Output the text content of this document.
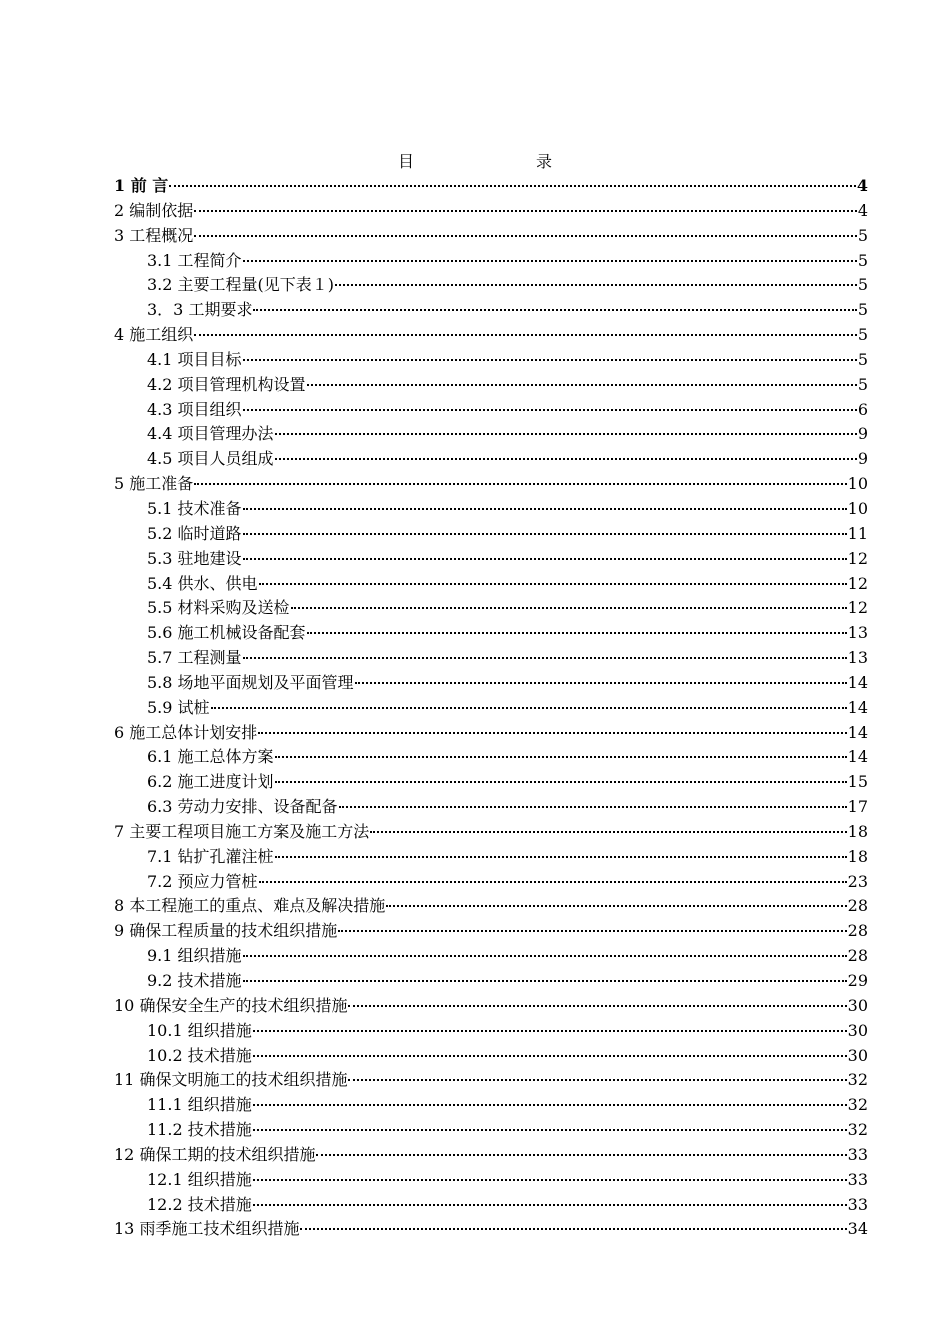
目　　录
1 前 言	4
2 编制依据	4
3 工程概况	5
3.1 工程简介	5
3.2 主要工程量(见下表１)	5
3．3 工期要求	5
4 施工组织	5
4.1 项目目标	5
4.2 项目管理机构设置	5
4.3 项目组织	6
4.4 项目管理办法	9
4.5 项目人员组成	9
5 施工准备	10
5.1 技术准备	10
5.2 临时道路	11
5.3 驻地建设	12
5.4 供水、供电	12
5.5 材料采购及送检	12
5.6 施工机械设备配套	13
5.7 工程测量	13
5.8 场地平面规划及平面管理	14
5.9 试桩	14
6 施工总体计划安排	14
6.1 施工总体方案	14
6.2 施工进度计划	15
6.3 劳动力安排、设备配备	17
7 主要工程项目施工方案及施工方法	18
7.1 钻扩孔灌注桩	18
7.2 预应力管桩	23
8 本工程施工的重点、难点及解决措施	28
9 确保工程质量的技术组织措施	28
9.1 组织措施	28
9.2 技术措施	29
10 确保安全生产的技术组织措施	30
10.1 组织措施	30
10.2 技术措施	30
11 确保文明施工的技术组织措施	32
11.1 组织措施	32
11.2 技术措施	32
12 确保工期的技术组织措施	33
12.1 组织措施	33
12.2 技术措施	33
13 雨季施工技术组织措施	34
